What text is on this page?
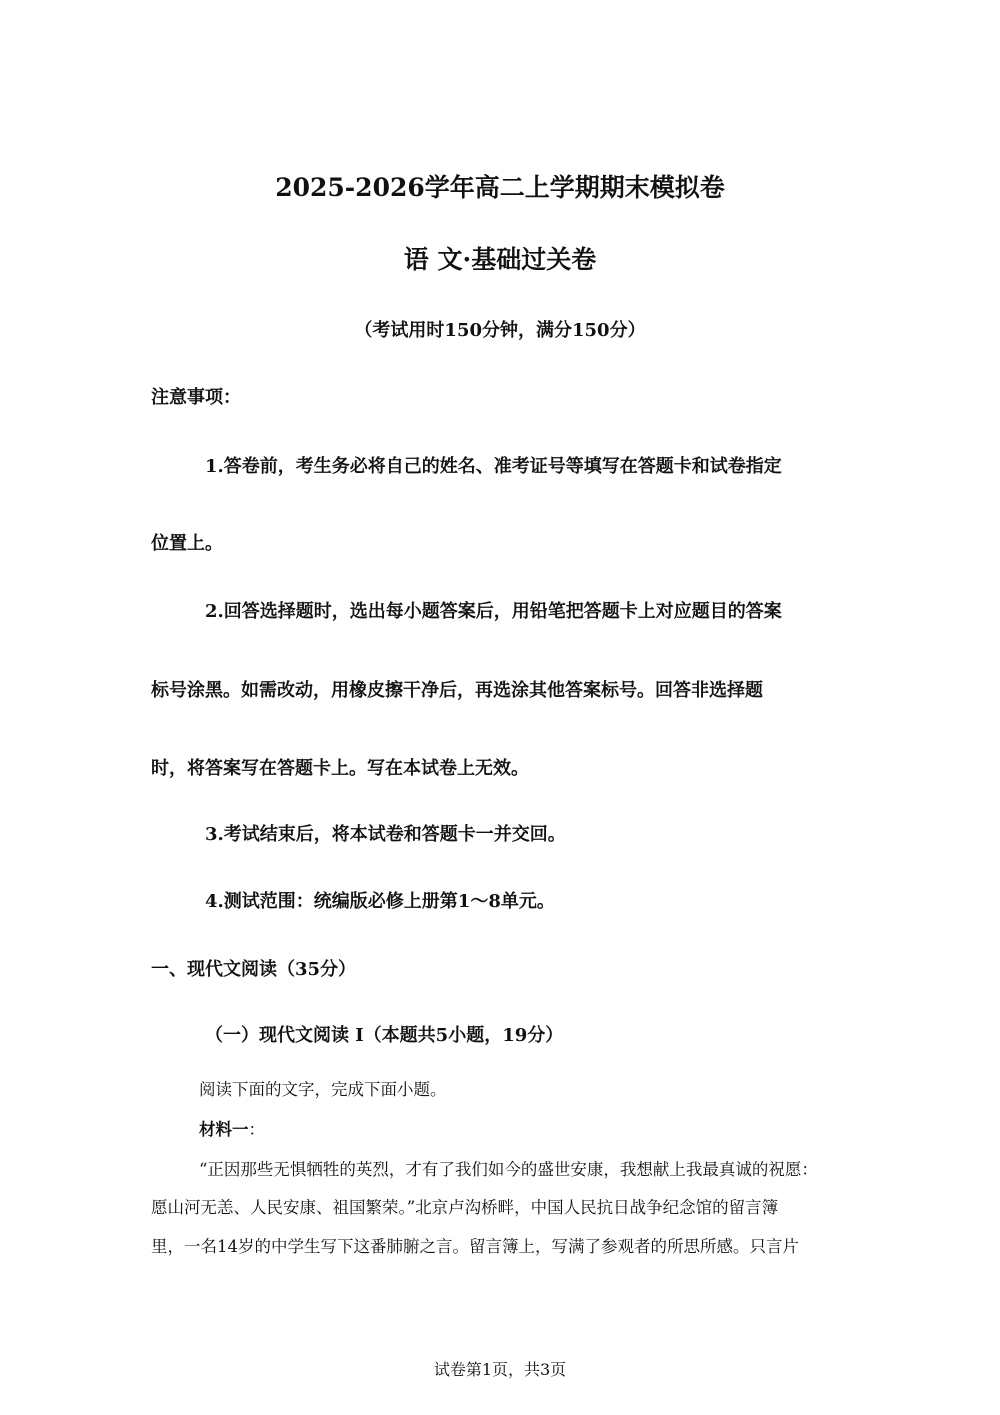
2025-2026学年高二上学期期末模拟卷
语 文·基础过关卷

（考试用时150分钟，满分150分）

注意事项：

1.答卷前，考生务必将自己的姓名、准考证号等填写在答题卡和试卷指定

位置上。

2.回答选择题时，选出每小题答案后，用铅笔把答题卡上对应题目的答案

标号涂黑。如需改动，用橡皮擦干净后，再选涂其他答案标号。回答非选择题

时，将答案写在答题卡上。写在本试卷上无效。

3.考试结束后，将本试卷和答题卡一并交回。

4.测试范围：统编版必修上册第1～8单元。

一、现代文阅读（35分）

（一）现代文阅读 I（本题共5小题，19分）

阅读下面的文字，完成下面小题。

材料一：

“正因那些无惧牺牲的英烈，才有了我们如今的盛世安康，我想献上我最真诚的祝愿：

愿山河无恙、人民安康、祖国繁荣。”北京卢沟桥畔，中国人民抗日战争纪念馆的留言簿

里，一名14岁的中学生写下这番肺腑之言。留言簿上，写满了参观者的所思所感。只言片

试卷第1页，共3页
